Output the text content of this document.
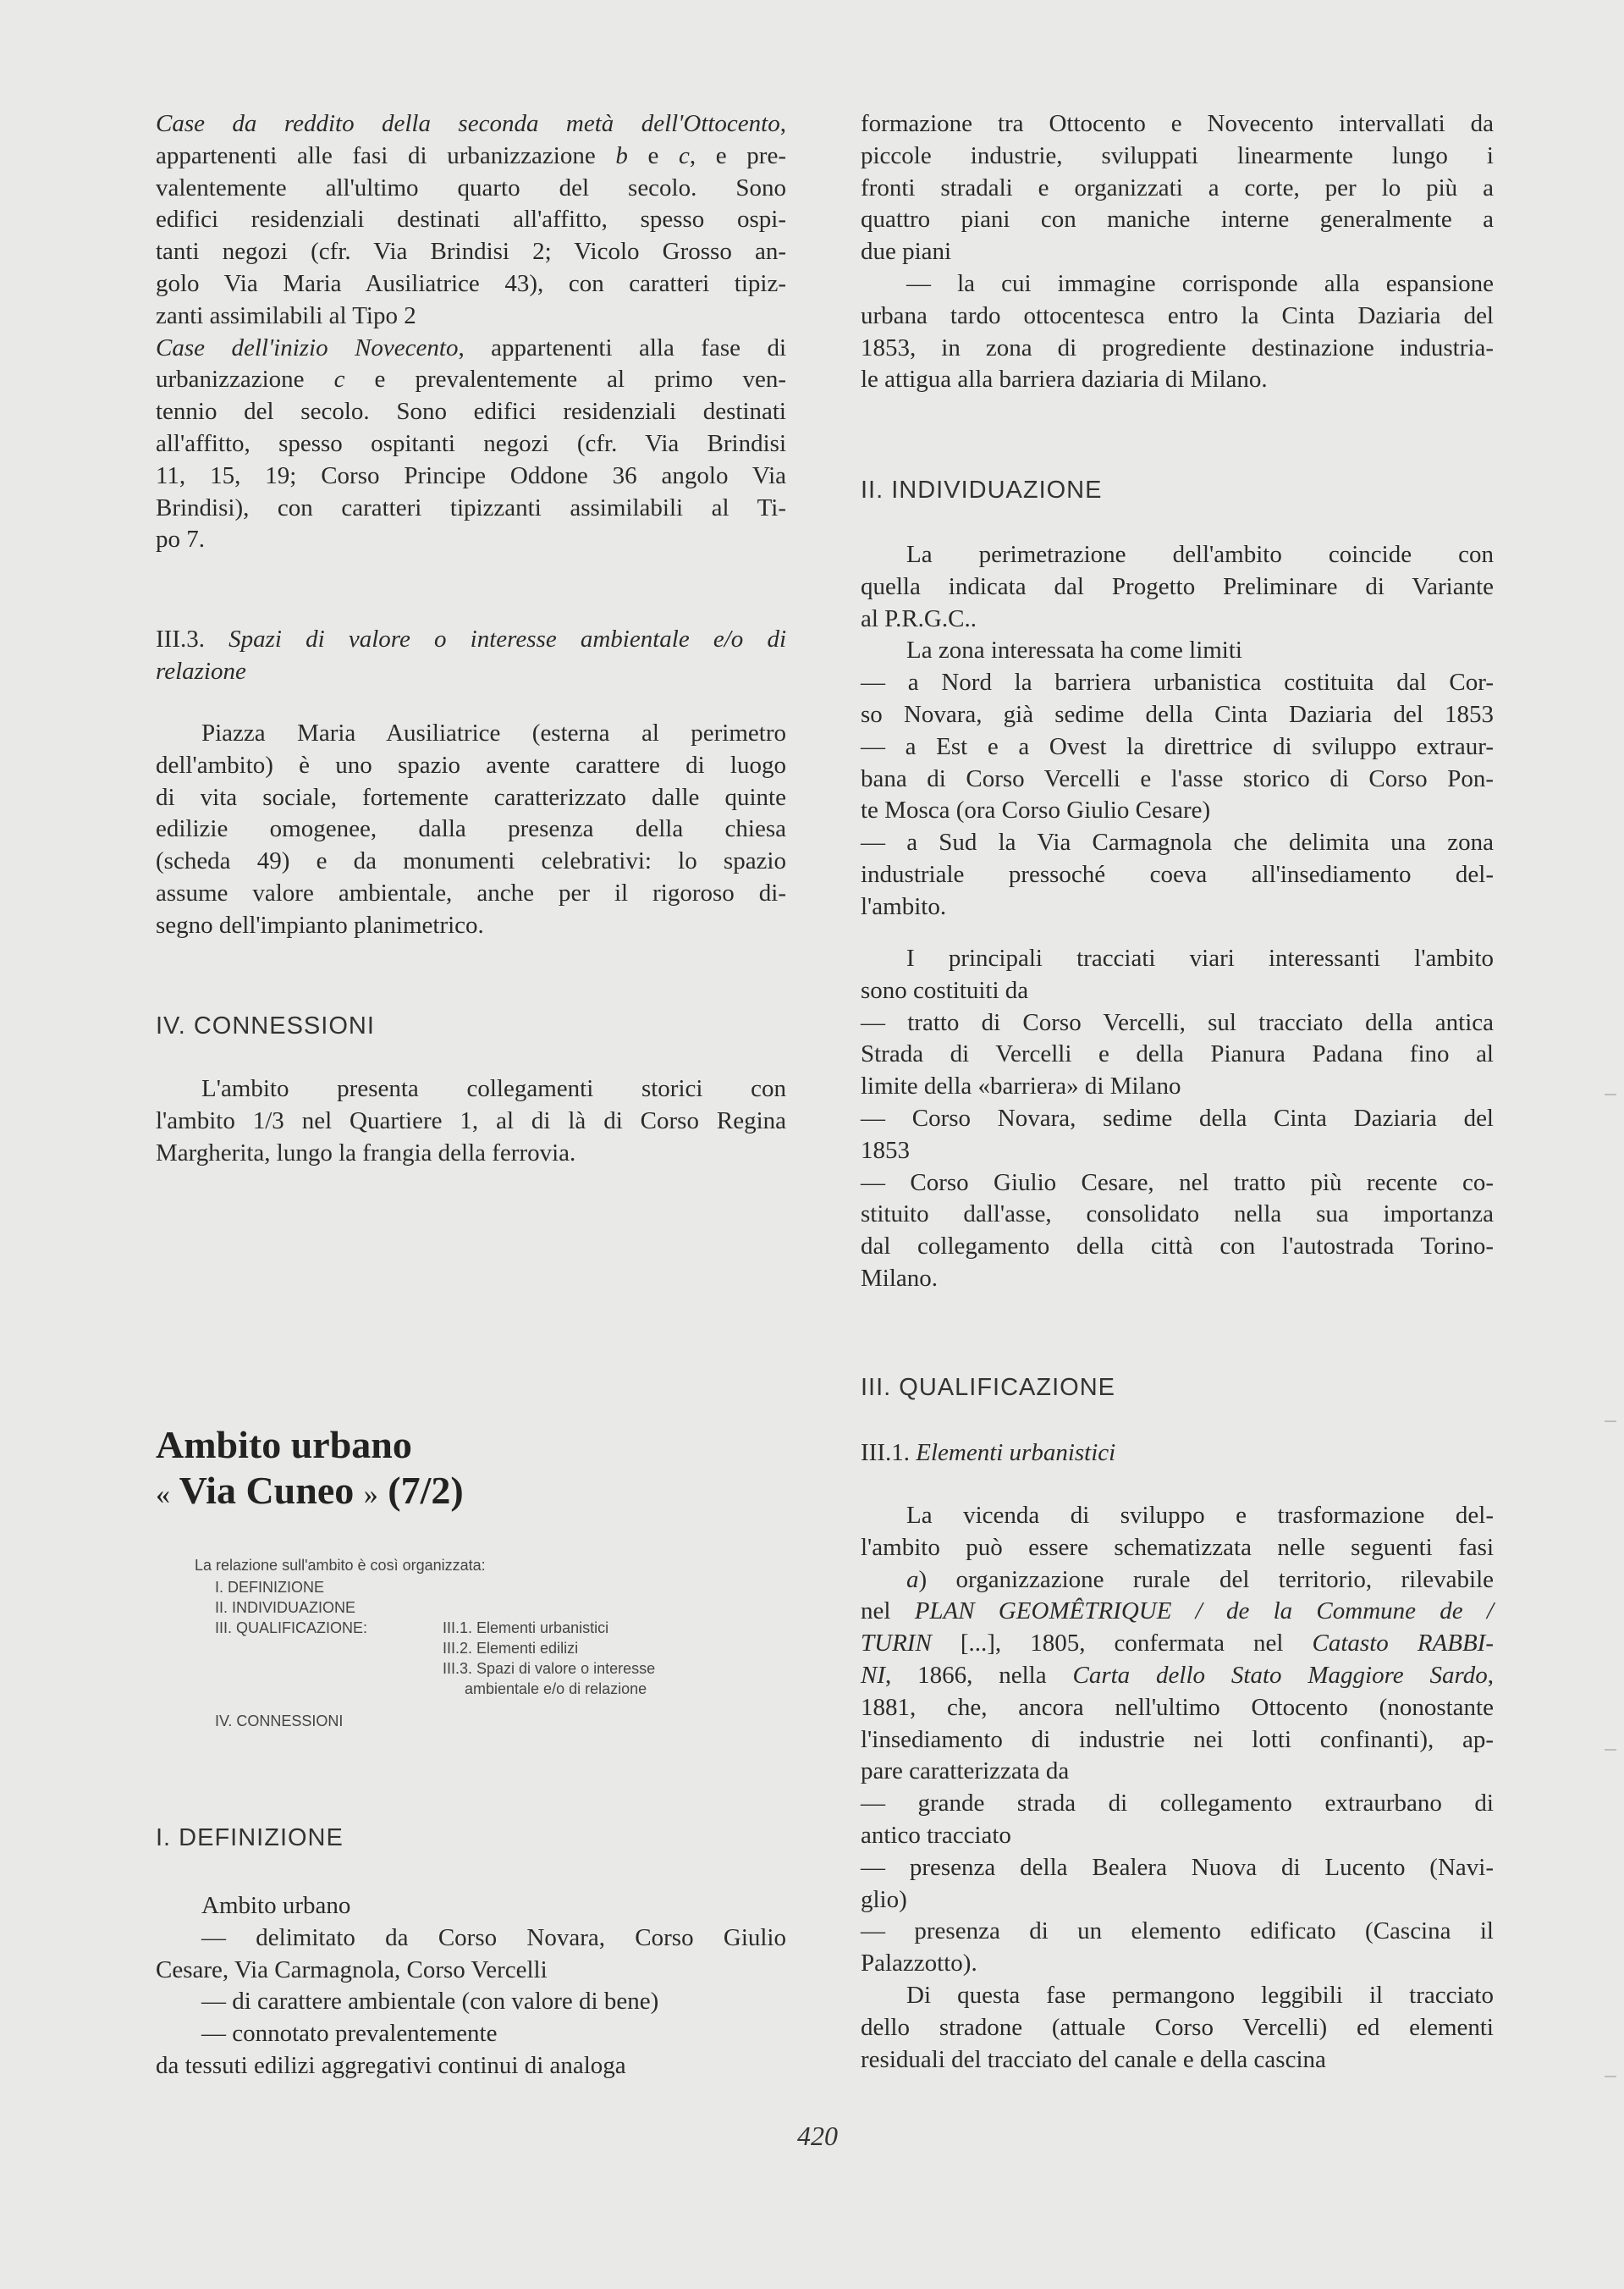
Case da reddito della seconda metà dell'Ottocento,

appartenenti alle fasi di urbanizzazione b e c, e pre-

valentemente all'ultimo quarto del secolo. Sono

edifici residenziali destinati all'affitto, spesso ospi-

tanti negozi (cfr. Via Brindisi 2; Vicolo Grosso an-

golo Via Maria Ausiliatrice 43), con caratteri tipiz-

zanti assimilabili al Tipo 2

Case dell'inizio Novecento, appartenenti alla fase di

urbanizzazione c e prevalentemente al primo ven-

tennio del secolo. Sono edifici residenziali destinati

all'affitto, spesso ospitanti negozi (cfr. Via Brindisi

11, 15, 19; Corso Principe Oddone 36 angolo Via

Brindisi), con caratteri tipizzanti assimilabili al Ti-

po 7.

III.3. Spazi di valore o interesse ambientale e/o di

relazione

Piazza Maria Ausiliatrice (esterna al perimetro

dell'ambito) è uno spazio avente carattere di luogo

di vita sociale, fortemente caratterizzato dalle quinte

edilizie omogenee, dalla presenza della chiesa

(scheda 49) e da monumenti celebrativi: lo spazio

assume valore ambientale, anche per il rigoroso di-

segno dell'impianto planimetrico.

IV. CONNESSIONI

L'ambito presenta collegamenti storici con

l'ambito 1/3 nel Quartiere 1, al di là di Corso Regina

Margherita, lungo la frangia della ferrovia.

Ambito urbano

« Via Cuneo » (7/2)

La relazione sull'ambito è così organizzata:
I. DEFINIZIONE
II. INDIVIDUAZIONE
III. QUALIFICAZIONE:	III.1. Elementi urbanistici
III.2. Elementi edilizi
III.3. Spazi di valore o interesse
ambientale e/o di relazione
IV. CONNESSIONI

I. DEFINIZIONE

Ambito urbano

— delimitato da Corso Novara, Corso Giulio

Cesare, Via Carmagnola, Corso Vercelli

— di carattere ambientale (con valore di bene)

— connotato prevalentemente

da tessuti edilizi aggregativi continui di analoga

formazione tra Ottocento e Novecento intervallati da

piccole industrie, sviluppati linearmente lungo i

fronti stradali e organizzati a corte, per lo più a

quattro piani con maniche interne generalmente a

due piani

— la cui immagine corrisponde alla espansione

urbana tardo ottocentesca entro la Cinta Daziaria del

1853, in zona di progrediente destinazione industria-

le attigua alla barriera daziaria di Milano.

II. INDIVIDUAZIONE

La perimetrazione dell'ambito coincide con

quella indicata dal Progetto Preliminare di Variante

al P.R.G.C..

La zona interessata ha come limiti

— a Nord la barriera urbanistica costituita dal Cor-

so Novara, già sedime della Cinta Daziaria del 1853

— a Est e a Ovest la direttrice di sviluppo extraur-

bana di Corso Vercelli e l'asse storico di Corso Pon-

te Mosca (ora Corso Giulio Cesare)

— a Sud la Via Carmagnola che delimita una zona

industriale pressoché coeva all'insediamento del-

l'ambito.

I principali tracciati viari interessanti l'ambito

sono costituiti da

— tratto di Corso Vercelli, sul tracciato della antica

Strada di Vercelli e della Pianura Padana fino al

limite della «barriera» di Milano

— Corso Novara, sedime della Cinta Daziaria del

1853

— Corso Giulio Cesare, nel tratto più recente co-

stituito dall'asse, consolidato nella sua importanza

dal collegamento della città con l'autostrada Torino-

Milano.

III. QUALIFICAZIONE

III.1. Elementi urbanistici

La vicenda di sviluppo e trasformazione del-

l'ambito può essere schematizzata nelle seguenti fasi

a) organizzazione rurale del territorio, rilevabile

nel PLAN GEOMÊTRIQUE / de la Commune de /

TURIN [...], 1805, confermata nel Catasto RABBI-

NI, 1866, nella Carta dello Stato Maggiore Sardo,

1881, che, ancora nell'ultimo Ottocento (nonostante

l'insediamento di industrie nei lotti confinanti), ap-

pare caratterizzata da

— grande strada di collegamento extraurbano di

antico tracciato

— presenza della Bealera Nuova di Lucento (Navi-

glio)

— presenza di un elemento edificato (Cascina il

Palazzotto).

Di questa fase permangono leggibili il tracciato

dello stradone (attuale Corso Vercelli) ed elementi

residuali del tracciato del canale e della cascina

420
